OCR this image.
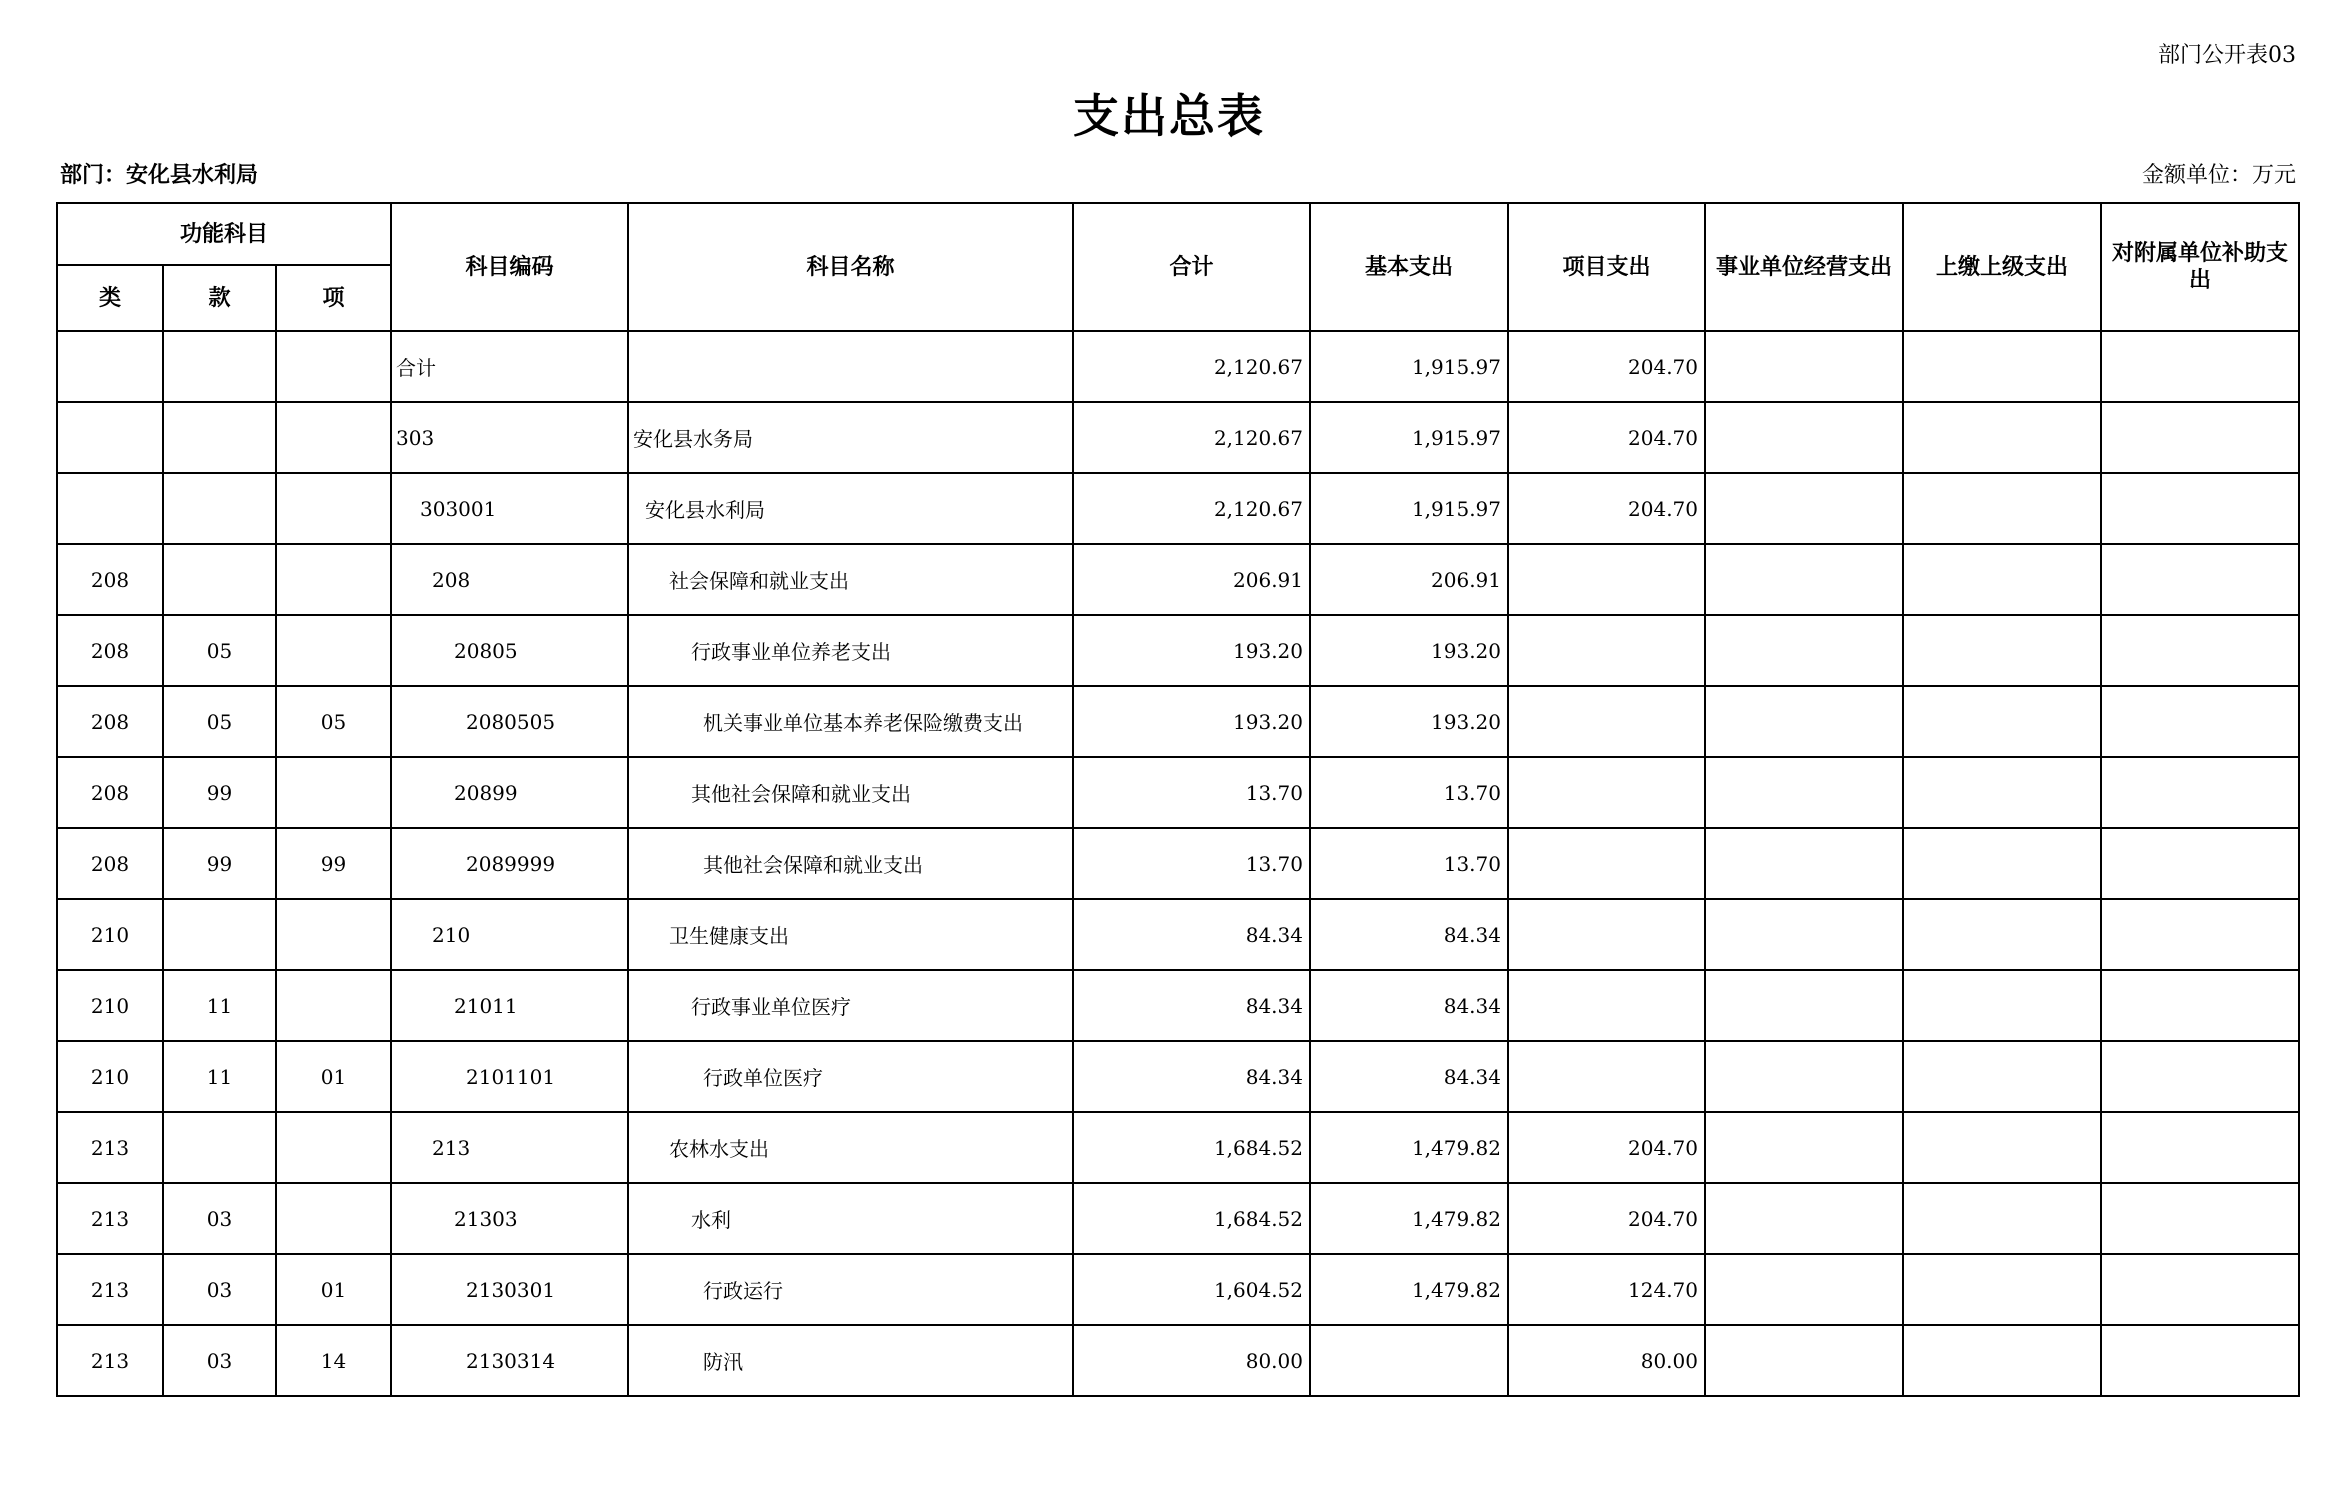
部门公开表03
支出总表
部门：安化县水利局	金额单位：万元
功能科目			科目编码	科目名称	合计	基本支出	项目支出	事业单位经营支出	上缴上级支出	对附属单位补助支出
类	款	项								
			合计		2,120.67	1,915.97	204.70			
			303	安化县水务局	2,120.67	1,915.97	204.70			
			303001	安化县水利局	2,120.67	1,915.97	204.70			
208			208	社会保障和就业支出	206.91	206.91				
208	05		20805	行政事业单位养老支出	193.20	193.20				
208	05	05	2080505	机关事业单位基本养老保险缴费支出	193.20	193.20				
208	99		20899	其他社会保障和就业支出	13.70	13.70				
208	99	99	2089999	其他社会保障和就业支出	13.70	13.70				
210			210	卫生健康支出	84.34	84.34				
210	11		21011	行政事业单位医疗	84.34	84.34				
210	11	01	2101101	行政单位医疗	84.34	84.34				
213			213	农林水支出	1,684.52	1,479.82	204.70			
213	03		21303	水利	1,684.52	1,479.82	204.70			
213	03	01	2130301	行政运行	1,604.52	1,479.82	124.70			
213	03	14	2130314	防汛	80.00		80.00			
